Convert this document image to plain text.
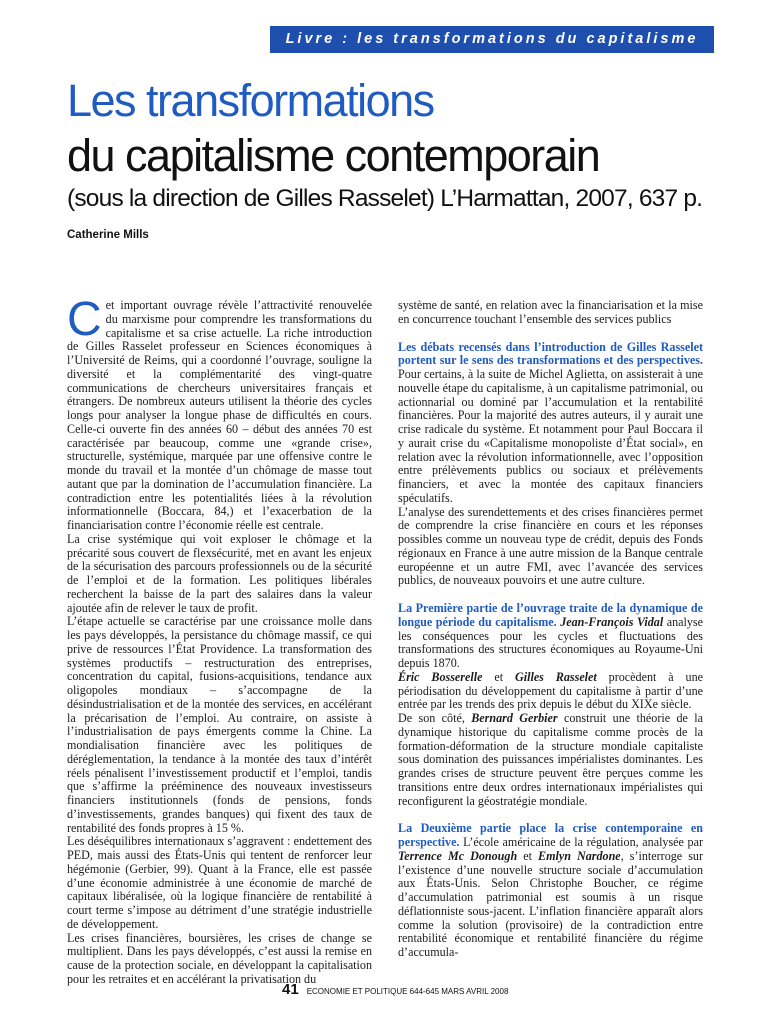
Livre : les transformations du capitalisme
Les transformations
du capitalisme contemporain
(sous la direction de Gilles Rasselet) L’Harmattan, 2007, 637 p.
Catherine Mills

Cet important ouvrage révèle l’attractivité renouvelée du marxisme pour comprendre les transformations du capitalisme et sa crise actuelle. La riche introduction de Gilles Rasselet professeur en Sciences économiques à l’Université de Reims, qui a coordonné l’ouvrage, souligne la diversité et la complémentarité des vingt-quatre communications de chercheurs universitaires français et étrangers. De nombreux auteurs utilisent la théorie des cycles longs pour analyser la longue phase de difficultés en cours. Celle-ci ouverte fin des années 60 – début des années 70 est caractérisée par beaucoup, comme une «grande crise», structurelle, systémique, marquée par une offensive contre le monde du travail et la montée d’un chômage de masse tout autant que par la domination de l’accumulation financière. La contradiction entre les potentialités liées à la révolution informationnelle (Boccara, 84,) et l’exacerbation de la financiarisation contre l’économie réelle est centrale.

La crise systémique qui voit exploser le chômage et la précarité sous couvert de flexsécurité, met en avant les enjeux de la sécurisation des parcours professionnels ou de la sécurité de l’emploi et de la formation. Les politiques libérales recherchent la baisse de la part des salaires dans la valeur ajoutée afin de relever le taux de profit.

L’étape actuelle se caractérise par une croissance molle dans les pays développés, la persistance du chômage massif, ce qui prive de ressources l’État Providence. La transformation des systèmes productifs – restructuration des entreprises, concentration du capital, fusions-acquisitions, tendance aux oligopoles mondiaux – s’accompagne de la désindustrialisation et de la montée des services, en accélérant la précarisation de l’emploi. Au contraire, on assiste à l’industrialisation de pays émergents comme la Chine. La mondialisation financière avec les politiques de déréglementation, la tendance à la montée des taux d’intérêt réels pénalisent l’investissement productif et l’emploi, tandis que s’affirme la prééminence des nouveaux investisseurs financiers institutionnels (fonds de pensions, fonds d’investissements, grandes banques) qui fixent des taux de rentabilité des fonds propres à 15 %.

Les déséquilibres internationaux s’aggravent : endettement des PED, mais aussi des États-Unis qui tentent de renforcer leur hégémonie (Gerbier, 99). Quant à la France, elle est passée d’une économie administrée à une économie de marché de capitaux libéralisée, où la logique financière de rentabilité à court terme s’impose au détriment d’une stratégie industrielle de développement.

Les crises financières, boursières, les crises de change se multiplient. Dans les pays développés, c’est aussi la remise en cause de la protection sociale, en développant la capitalisation pour les retraites et en accélérant la privatisation du

système de santé, en relation avec la financiarisation et la mise en concurrence touchant l’ensemble des services publics

Les débats recensés dans l’introduction de Gilles Rasselet portent sur le sens des transformations et des perspectives. Pour certains, à la suite de Michel Aglietta, on assisterait à une nouvelle étape du capitalisme, à un capitalisme patrimonial, ou actionnarial ou dominé par l’accumulation et la rentabilité financières. Pour la majorité des autres auteurs, il y aurait une crise radicale du système. Et notamment pour Paul Boccara il y aurait crise du «Capitalisme monopoliste d’État social», en relation avec la révolution informationnelle, avec l’opposition entre prélèvements publics ou sociaux et prélèvements financiers, et avec la montée des capitaux financiers spéculatifs.

L’analyse des surendettements et des crises financières permet de comprendre la crise financière en cours et les réponses possibles comme un nouveau type de crédit, depuis des Fonds régionaux en France à une autre mission de la Banque centrale européenne et un autre FMI, avec l’avancée des services publics, de nouveaux pouvoirs et une autre culture.

La Première partie de l’ouvrage traite de la dynamique de longue période du capitalisme. Jean-François Vidal analyse les conséquences pour les cycles et fluctuations des transformations des structures économiques au Royaume-Uni depuis 1870.

Éric Bosserelle et Gilles Rasselet procèdent à une périodisation du développement du capitalisme à partir d’une entrée par les trends des prix depuis le début du XIXe siècle.

De son côté, Bernard Gerbier construit une théorie de la dynamique historique du capitalisme comme procès de la formation-déformation de la structure mondiale capitaliste sous domination des puissances impérialistes dominantes. Les grandes crises de structure peuvent être perçues comme les transitions entre deux ordres internationaux impérialistes qui reconfigurent la géostratégie mondiale.

La Deuxième partie place la crise contemporaine en perspective. L’école américaine de la régulation, analysée par Terrence Mc Donough et Emlyn Nardone, s’interroge sur l’existence d’une nouvelle structure sociale d’accumulation aux États-Unis. Selon Christophe Boucher, ce régime d’accumulation patrimonial est soumis à un risque déflationniste sous-jacent. L’inflation financière apparaît alors comme la solution (provisoire) de la contradiction entre rentabilité économique et rentabilité financière du régime d’accumula-

41 ECONOMIE ET POLITIQUE 644-645 MARS AVRIL 2008
